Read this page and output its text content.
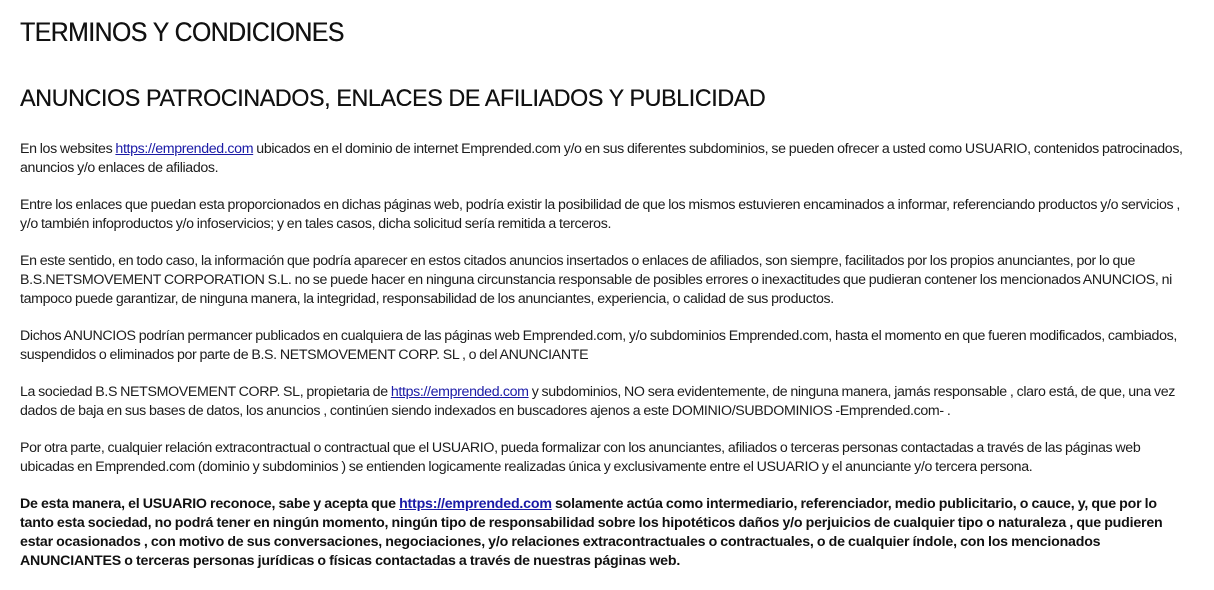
TERMINOS Y CONDICIONES
ANUNCIOS PATROCINADOS, ENLACES DE AFILIADOS Y PUBLICIDAD

En los websites https://emprended.com ubicados en el dominio de internet Emprended.com y/o en sus diferentes subdominios, se pueden ofrecer a usted como USUARIO, contenidos patrocinados, anuncios y/o enlaces de afiliados.

Entre los enlaces que puedan esta proporcionados en dichas páginas web, podría existir la posibilidad de que los mismos estuvieren encaminados a informar, referenciando productos y/o servicios , y/o también infoproductos y/o infoservicios; y en tales casos, dicha solicitud sería remitida a terceros.

En este sentido, en todo caso, la información que podría aparecer en estos citados anuncios insertados o enlaces de afiliados, son siempre, facilitados por los propios anunciantes, por lo que B.S.NETSMOVEMENT CORPORATION S.L. no se puede hacer en ninguna circunstancia responsable de posibles errores o inexactitudes que pudieran contener los mencionados ANUNCIOS, ni tampoco puede garantizar, de ninguna manera, la integridad, responsabilidad de los anunciantes, experiencia, o calidad de sus productos.

Dichos ANUNCIOS podrían permancer publicados en cualquiera de las páginas web Emprended.com, y/o subdominios Emprended.com, hasta el momento en que fueren modificados, cambiados, suspendidos o eliminados por parte de B.S. NETSMOVEMENT CORP. SL , o del ANUNCIANTE

La sociedad B.S NETSMOVEMENT CORP. SL, propietaria de https://emprended.com y subdominios, NO sera evidentemente, de ninguna manera, jamás responsable , claro está, de que, una vez dados de baja en sus bases de datos, los anuncios , continúen siendo indexados en buscadores ajenos a este DOMINIO/SUBDOMINIOS -Emprended.com- .

Por otra parte, cualquier relación extracontractual o contractual que el USUARIO, pueda formalizar con los anunciantes, afiliados o terceras personas contactadas a través de las páginas web ubicadas en Emprended.com (dominio y subdominios ) se entienden logicamente realizadas única y exclusivamente entre el USUARIO y el anunciante y/o tercera persona.

De esta manera, el USUARIO reconoce, sabe y acepta que https://emprended.com solamente actúa como intermediario, referenciador, medio publicitario, o cauce, y, que por lo tanto esta sociedad, no podrá tener en ningún momento, ningún tipo de responsabilidad sobre los hipotéticos daños y/o perjuicios de cualquier tipo o naturaleza , que pudieren estar ocasionados , con motivo de sus conversaciones, negociaciones, y/o relaciones extracontractuales o contractuales, o de cualquier índole, con los mencionados ANUNCIANTES o terceras personas jurídicas o físicas contactadas a través de nuestras páginas web.
